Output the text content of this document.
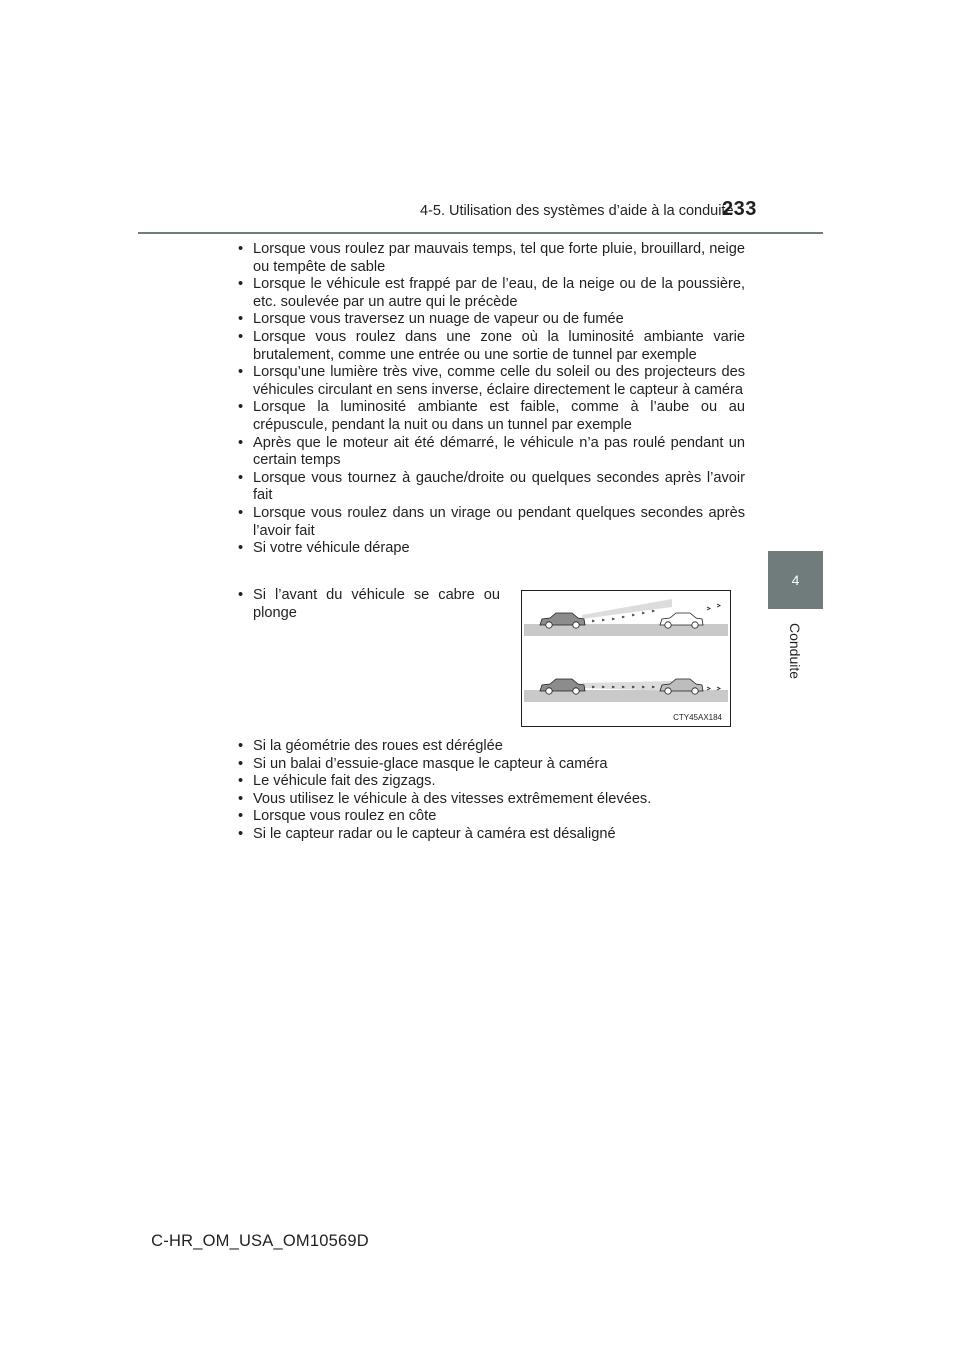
4-5. Utilisation des systèmes d’aide à la conduite
233
4
Conduite
• Lorsque vous roulez par mauvais temps, tel que forte pluie, brouillard, neige ou tempête de sable
• Lorsque le véhicule est frappé par de l’eau, de la neige ou de la poussière, etc. soulevée par un autre qui le précède
• Lorsque vous traversez un nuage de vapeur ou de fumée
• Lorsque vous roulez dans une zone où la luminosité ambiante varie brutalement, comme une entrée ou une sortie de tunnel par exemple
• Lorsqu’une lumière très vive, comme celle du soleil ou des projecteurs des véhicules circulant en sens inverse, éclaire directement le capteur à caméra
• Lorsque la luminosité ambiante est faible, comme à l’aube ou au crépuscule, pendant la nuit ou dans un tunnel par exemple
• Après que le moteur ait été démarré, le véhicule n’a pas roulé pendant un certain temps
• Lorsque vous tournez à gauche/droite ou quelques secondes après l’avoir fait
• Lorsque vous roulez dans un virage ou pendant quelques secondes après l’avoir fait
• Si votre véhicule dérape
• Si l’avant du véhicule se cabre ou plonge
CTY45AX184
• Si la géométrie des roues est déréglée
• Si un balai d’essuie-glace masque le capteur à caméra
• Le véhicule fait des zigzags.
• Vous utilisez le véhicule à des vitesses extrêmement élevées.
• Lorsque vous roulez en côte
• Si le capteur radar ou le capteur à caméra est désaligné
C-HR_OM_USA_OM10569D
